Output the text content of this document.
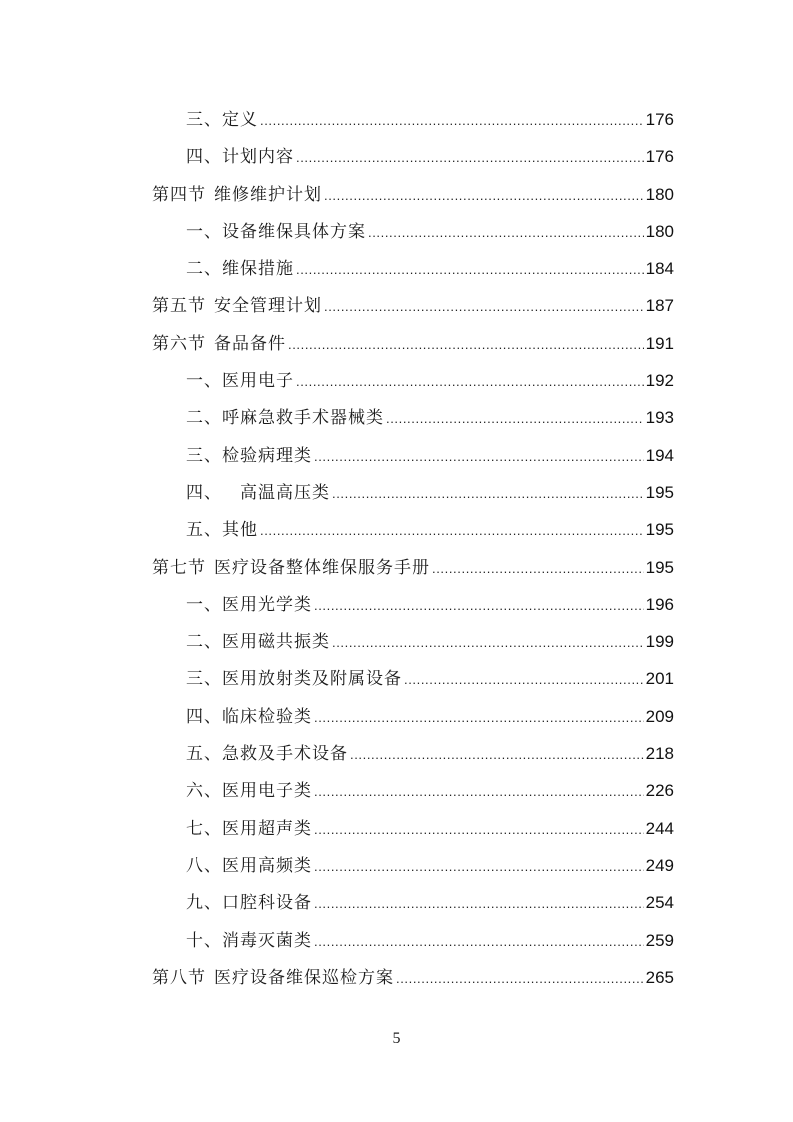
三、定义 .....	176
四、计划内容 .....	176
第四节 维修维护计划 .....	180
一、设备维保具体方案 .....	180
二、维保措施 .....	184
第五节 安全管理计划 .....	187
第六节 备品备件 .....	191
一、医用电子 .....	192
二、呼麻急救手术器械类 .....	193
三、检验病理类 .....	194
四、 高温高压类 .....	195
五、其他 .....	195
第七节 医疗设备整体维保服务手册 .....	195
一、医用光学类 .....	196
二、医用磁共振类 .....	199
三、医用放射类及附属设备 .....	201
四、临床检验类 .....	209
五、急救及手术设备 .....	218
六、医用电子类 .....	226
七、医用超声类 .....	244
八、医用高频类 .....	249
九、口腔科设备 .....	254
十、消毒灭菌类 .....	259
第八节 医疗设备维保巡检方案 .....	265
5
